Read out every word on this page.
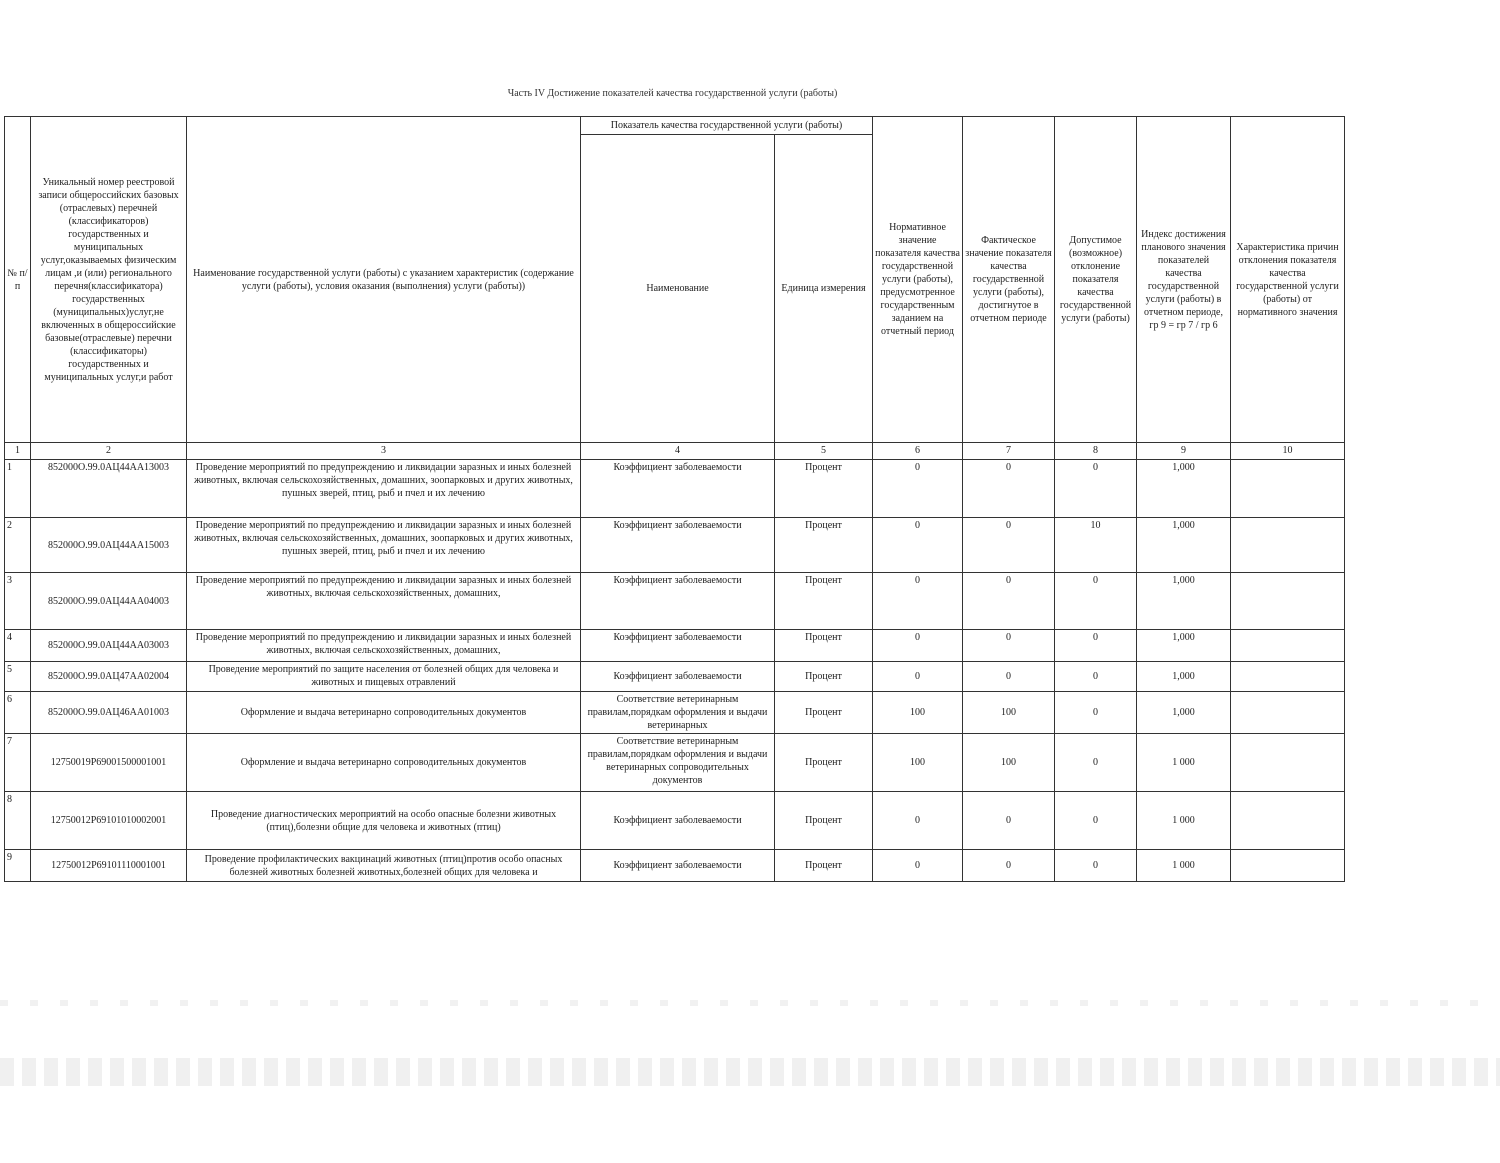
Часть IV Достижение показателей качества государственной услуги (работы)
№ п/п	Уникальный номер реестровой записи общероссийских базовых (отраслевых) перечней (классификаторов) государственных и муниципальных услуг,оказываемых физическим лицам ,и (или) регионального перечня(классификатора) государственных (муниципальных)услуг,не включенных в общероссийские базовые(отраслевые) перечни (классификаторы) государственных и муниципальных услуг,и работ	Наименование государственной услуги (работы) с указанием характеристик (содержание услуги (работы), условия оказания (выполнения) услуги (работы))	Показатель качества государственной услуги (работы)		Нормативное значение показателя качества государственной услуги (работы), предусмотренное государственным заданием на отчетный период	Фактическое значение показателя качества государственной услуги (работы), достигнутое в отчетном периоде	Допустимое (возможное) отклонение показателя качества государственной услуги (работы)	Индекс достижения планового значения показателей качества государственной услуги (работы) в отчетном периоде, гр 9 = гр 7 / гр 6	Характеристика причин отклонения показателя качества государственной услуги (работы) от нормативного значения
			Наименование	Единица измерения					
1	2	3	4	5	6	7	8	9	10
1	852000О.99.0АЦ44АА13003	Проведение мероприятий по предупреждению и ликвидации заразных и иных болезней животных, включая сельскохозяйственных, домашних, зоопарковых и других животных, пушных зверей, птиц, рыб и пчел и их лечению	Коэффициент заболеваемости	Процент	0	0	0	1,000	
2	852000О.99.0АЦ44АА15003	Проведение мероприятий по предупреждению и ликвидации заразных и иных болезней животных, включая сельскохозяйственных, домашних, зоопарковых и других животных, пушных зверей, птиц, рыб и пчел и их лечению	Коэффициент заболеваемости	Процент	0	0	10	1,000	
3	852000О.99.0АЦ44АА04003	Проведение мероприятий по предупреждению и ликвидации заразных и иных болезней животных, включая сельскохозяйственных, домашних,	Коэффициент заболеваемости	Процент	0	0	0	1,000	
4	852000О.99.0АЦ44АА03003	Проведение мероприятий по предупреждению и ликвидации заразных и иных болезней животных, включая сельскохозяйственных, домашних,	Коэффициент заболеваемости	Процент	0	0	0	1,000	
5	852000О.99.0АЦ47АА02004	Проведение мероприятий по защите населения от болезней общих для человека и животных и пищевых отравлений	Коэффициент заболеваемости	Процент	0	0	0	1,000	
6	852000О.99.0АЦ46АА01003	Оформление и выдача ветеринарно сопроводительных документов	Соответствие ветеринарным правилам,порядкам оформления и выдачи ветеринарных	Процент	100	100	0	1,000	
7	12750019Р69001500001001	Оформление и выдача ветеринарно сопроводительных документов	Соответствие ветеринарным правилам,порядкам оформления и выдачи ветеринарных сопроводительных документов	Процент	100	100	0	1 000	
8	12750012Р69101010002001	Проведение диагностических мероприятий на особо опасные болезни животных (птиц),болезни общие для человека и животных (птиц)	Коэффициент заболеваемости	Процент	0	0	0	1 000	
9	12750012Р69101110001001	Проведение профилактических вакцинаций животных (птиц)против особо опасных болезней животных болезней животных,болезней общих для человека и	Коэффициент заболеваемости	Процент	0	0	0	1 000	
